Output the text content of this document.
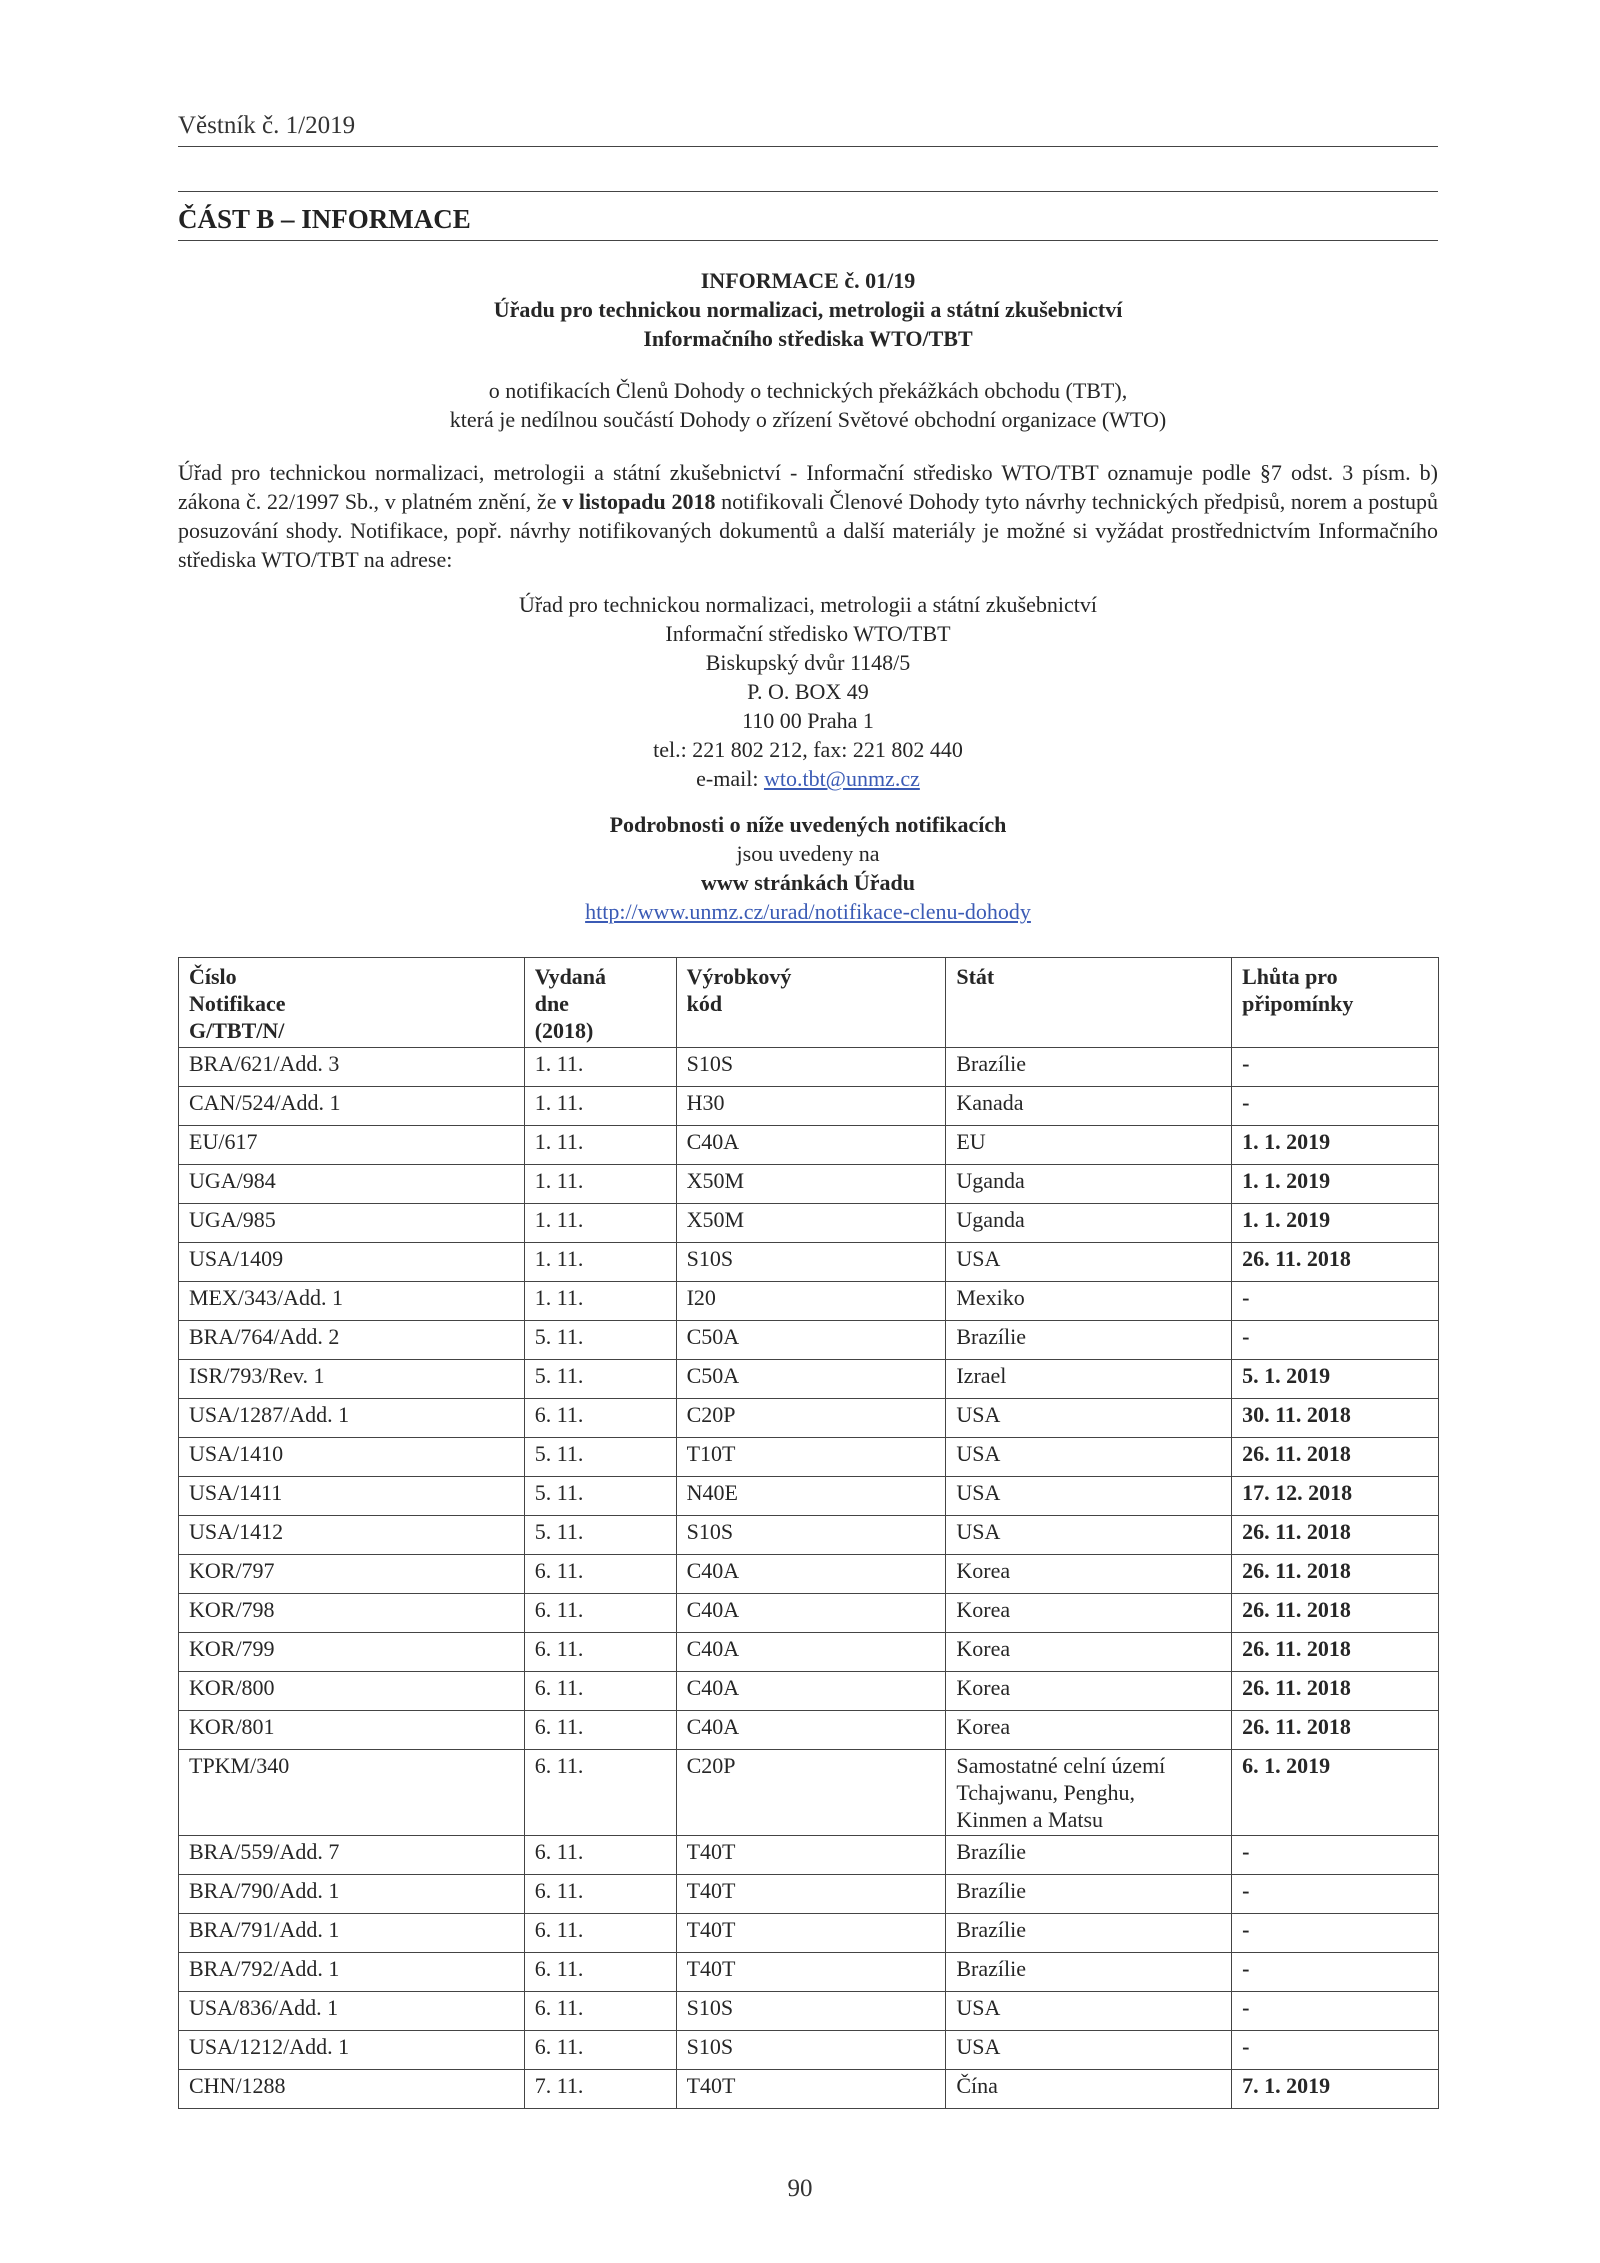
Věstník č. 1/2019
ČÁST B – INFORMACE
INFORMACE č. 01/19
Úřadu pro technickou normalizaci, metrologii a státní zkušebnictví
Informačního střediska WTO/TBT
o notifikacích Členů Dohody o technických překážkách obchodu (TBT),
která je nedílnou součástí Dohody o zřízení Světové obchodní organizace (WTO)
Úřad pro technickou normalizaci, metrologii a státní zkušebnictví - Informační středisko WTO/TBT oznamuje podle §7 odst. 3 písm. b) zákona č. 22/1997 Sb., v platném znění, že v listopadu 2018 notifikovali Členové Dohody tyto návrhy technických předpisů, norem a postupů posuzování shody. Notifikace, popř. návrhy notifikovaných dokumentů a další materiály je možné si vyžádat prostřednictvím Informačního střediska WTO/TBT na adrese:
Úřad pro technickou normalizaci, metrologii a státní zkušebnictví
Informační středisko WTO/TBT
Biskupský dvůr 1148/5
P. O. BOX 49
110 00 Praha 1
tel.: 221 802 212, fax: 221 802 440
e-mail: wto.tbt@unmz.cz
Podrobnosti o níže uvedených notifikacích
jsou uvedeny na
www stránkách Úřadu
http://www.unmz.cz/urad/notifikace-clenu-dohody
Číslo
Notifikace
G/TBT/N/	Vydaná
dne
(2018)	Výrobkový
kód	Stát	Lhůta pro
připomínky
BRA/621/Add. 3	1. 11.	S10S	Brazílie	-
CAN/524/Add. 1	1. 11.	H30	Kanada	-
EU/617	1. 11.	C40A	EU	1. 1. 2019
UGA/984	1. 11.	X50M	Uganda	1. 1. 2019
UGA/985	1. 11.	X50M	Uganda	1. 1. 2019
USA/1409	1. 11.	S10S	USA	26. 11. 2018
MEX/343/Add. 1	1. 11.	I20	Mexiko	-
BRA/764/Add. 2	5. 11.	C50A	Brazílie	-
ISR/793/Rev. 1	5. 11.	C50A	Izrael	5. 1. 2019
USA/1287/Add. 1	6. 11.	C20P	USA	30. 11. 2018
USA/1410	5. 11.	T10T	USA	26. 11. 2018
USA/1411	5. 11.	N40E	USA	17. 12. 2018
USA/1412	5. 11.	S10S	USA	26. 11. 2018
KOR/797	6. 11.	C40A	Korea	26. 11. 2018
KOR/798	6. 11.	C40A	Korea	26. 11. 2018
KOR/799	6. 11.	C40A	Korea	26. 11. 2018
KOR/800	6. 11.	C40A	Korea	26. 11. 2018
KOR/801	6. 11.	C40A	Korea	26. 11. 2018
TPKM/340	6. 11.	C20P	Samostatné celní území
Tchajwanu, Penghu,
Kinmen a Matsu	6. 1. 2019
BRA/559/Add. 7	6. 11.	T40T	Brazílie	-
BRA/790/Add. 1	6. 11.	T40T	Brazílie	-
BRA/791/Add. 1	6. 11.	T40T	Brazílie	-
BRA/792/Add. 1	6. 11.	T40T	Brazílie	-
USA/836/Add. 1	6. 11.	S10S	USA	-
USA/1212/Add. 1	6. 11.	S10S	USA	-
CHN/1288	7. 11.	T40T	Čína	7. 1. 2019
90
